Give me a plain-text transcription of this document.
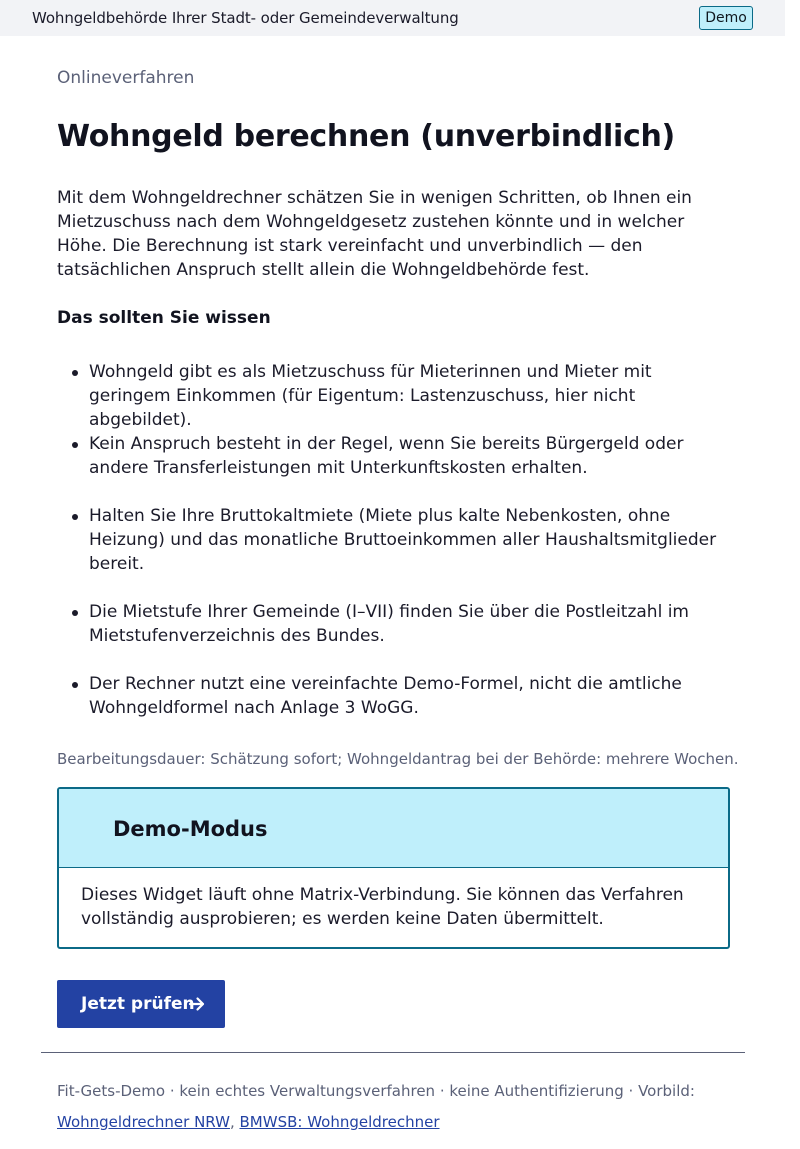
Wohngeldbehörde Ihrer Stadt- oder Gemeindeverwaltung	Demo
Onlineverfahren
Wohngeld berechnen (unverbindlich)

Mit dem Wohngeldrechner schätzen Sie in wenigen Schritten, ob Ihnen ein Mietzuschuss nach dem Wohngeldgesetz zustehen könnte und in welcher Höhe. Die Berechnung ist stark vereinfacht und unverbindlich — den tatsächlichen Anspruch stellt allein die Wohngeldbehörde fest.

Das sollten Sie wissen
Wohngeld gibt es als Mietzuschuss für Mieterinnen und Mieter mit geringem Einkommen (für Eigentum: Lastenzuschuss, hier nicht abgebildet).
Kein Anspruch besteht in der Regel, wenn Sie bereits Bürgergeld oder andere Transferleistungen mit Unterkunftskosten erhalten.
Halten Sie Ihre Bruttokaltmiete (Miete plus kalte Nebenkosten, ohne Heizung) und das monatliche Bruttoeinkommen aller Haushaltsmitglieder bereit.
Die Mietstufe Ihrer Gemeinde (I–VII) finden Sie über die Postleitzahl im Mietstufenverzeichnis des Bundes.
Der Rechner nutzt eine vereinfachte Demo-Formel, nicht die amtliche Wohngeldformel nach Anlage 3 WoGG.

Bearbeitungsdauer: Schätzung sofort; Wohngeldantrag bei der Behörde: mehrere Wochen.

Demo-Modus

Dieses Widget läuft ohne Matrix-Verbindung. Sie können das Verfahren vollständig ausprobieren; es werden keine Daten übermittelt.

Jetzt prüfen
Fit-Gets-Demo · kein echtes Verwaltungsverfahren · keine Authentifizierung · Vorbild:
Wohngeldrechner NRW, BMWSB: Wohngeldrechner
